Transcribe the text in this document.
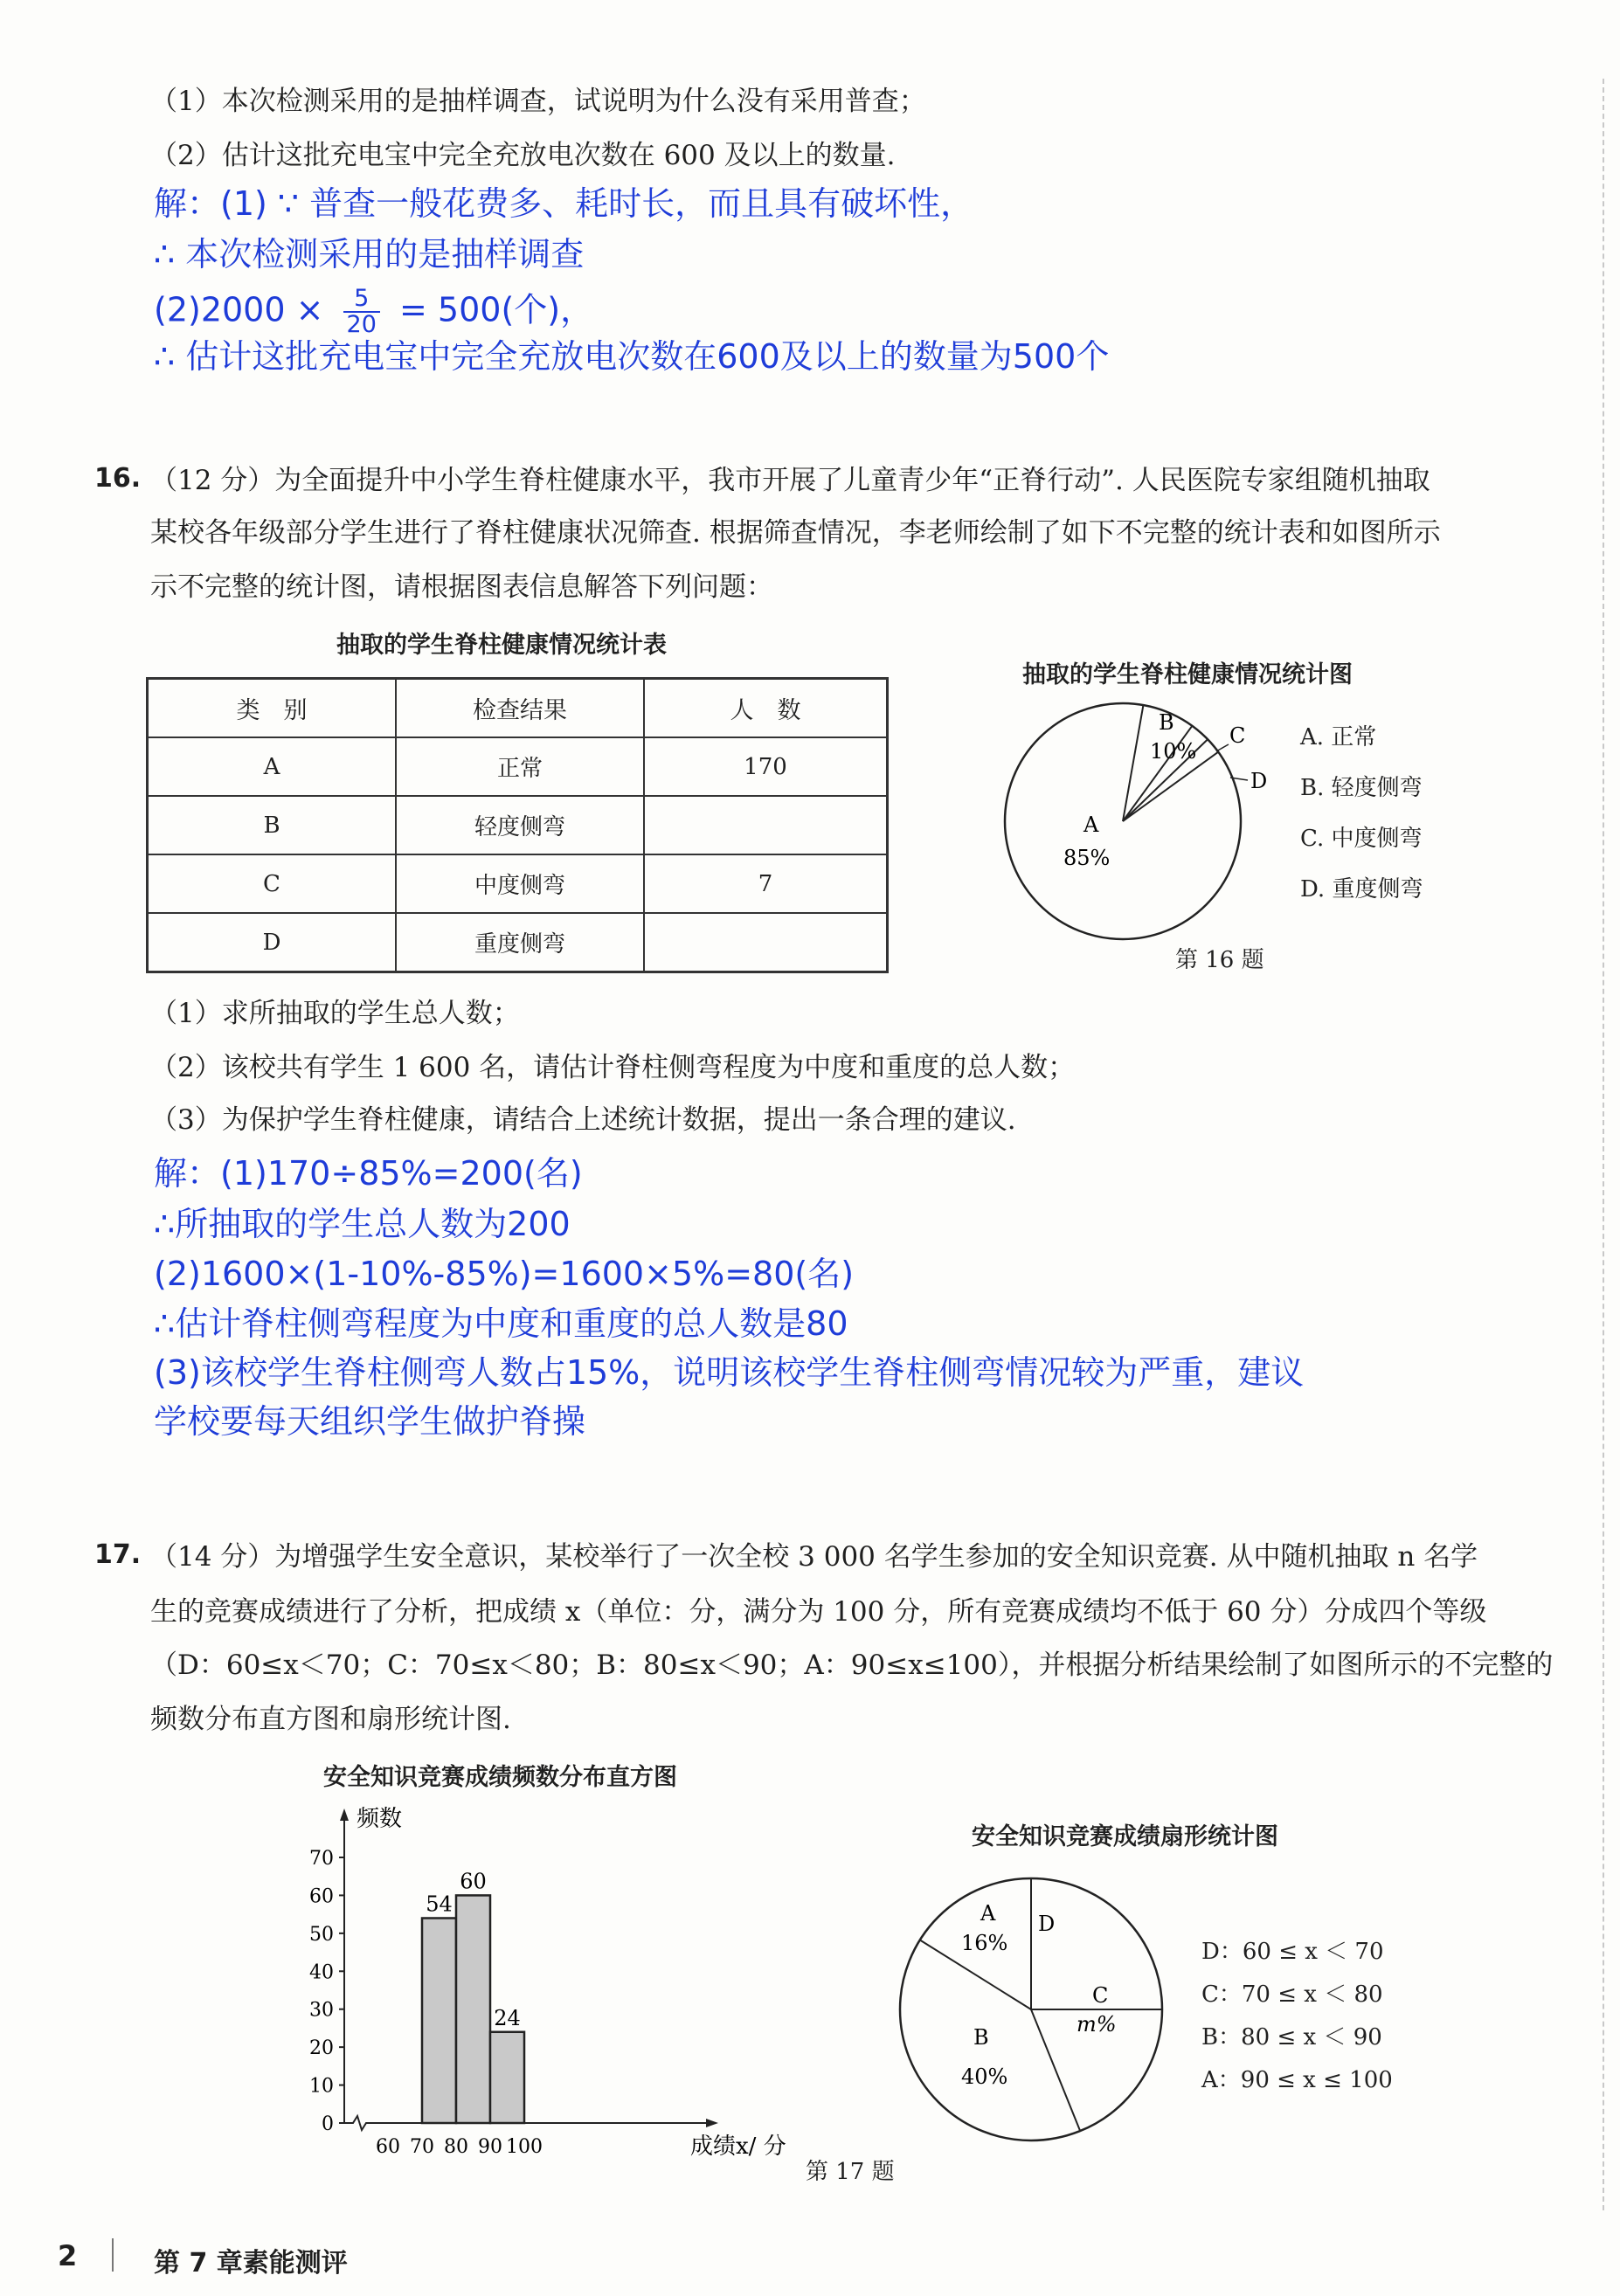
（1）本次检测采用的是抽样调查，试说明为什么没有采用普查；
（2）估计这批充电宝中完全充放电次数在 600 及以上的数量.
解：(1) ∵ 普查一般花费多、耗时长，而且具有破坏性，
∴ 本次检测采用的是抽样调查
$(2)2000 \times \frac{5}{20} = 500$(个)，
∴ 估计这批充电宝中完全充放电次数在600及以上的数量为500个
16. （12 分）为全面提升中小学生脊柱健康水平，我市开展了儿童青少年“正脊行动”. 人民医院专家组随机抽取
某校各年级部分学生进行了脊柱健康状况筛查. 根据筛查情况，李老师绘制了如下不完整的统计表和如图所示
示不完整的统计图，请根据图表信息解答下列问题：
抽取的学生脊柱健康情况统计表
类　别	检查结果	人　数
A	正常	170
B	轻度侧弯	
C	中度侧弯	7
D	重度侧弯	
抽取的学生脊柱健康情况统计图
A
85%
B
10%
C
D
A. 正常
B. 轻度侧弯
C. 中度侧弯
D. 重度侧弯
第 16 题
（1）求所抽取的学生总人数；
（2）该校共有学生 1 600 名，请估计脊柱侧弯程度为中度和重度的总人数；
（3）为保护学生脊柱健康，请结合上述统计数据，提出一条合理的建议.
解：(1)170÷85%=200(名)
∴所抽取的学生总人数为200
(2)1600×(1-10%-85%)=1600×5%=80(名)
∴估计脊柱侧弯程度为中度和重度的总人数是80
(3)该校学生脊柱侧弯人数占15%，说明该校学生脊柱侧弯情况较为严重，建议
学校要每天组织学生做护脊操
17. （14 分）为增强学生安全意识，某校举行了一次全校 3 000 名学生参加的安全知识竞赛. 从中随机抽取 n 名学
生的竞赛成绩进行了分析，把成绩 x（单位：分，满分为 100 分，所有竞赛成绩均不低于 60 分）分成四个等级
（D：60≤x＜70；C：70≤x＜80；B：80≤x＜90；A：90≤x≤100），并根据分析结果绘制了如图所示的不完整的
频数分布直方图和扇形统计图.
安全知识竞赛成绩频数分布直方图
频数
成绩x/ 分
0
10
20
30
40
50
60
70
60 70 80 90 100
54
60
24
安全知识竞赛成绩扇形统计图
A
16%
D
C
m%
B
40%
D：60 ≤ x ＜ 70
C：70 ≤ x ＜ 80
B：80 ≤ x ＜ 90
A：90 ≤ x ≤ 100
第 17 题
2	第 7 章素能测评
